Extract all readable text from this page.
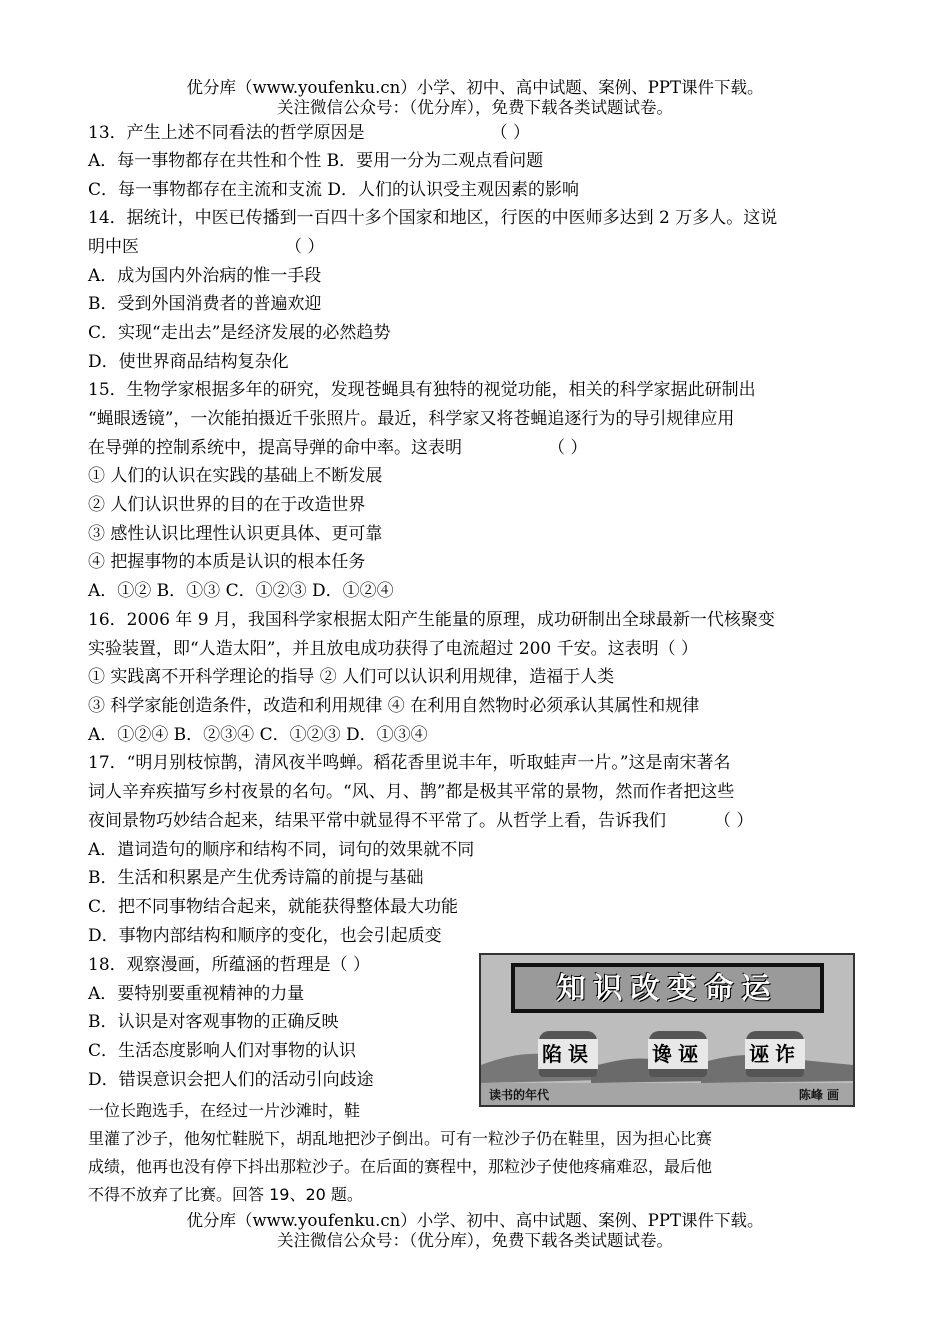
优分库（www.youfenku.cn）小学、初中、高中试题、案例、PPT课件下载。
关注微信公众号：（优分库），免费下载各类试题试卷。
13．产生上述不同看法的哲学原因是	（ ）
A．每一事物都存在共性和个性 B．要用一分为二观点看问题
C．每一事物都存在主流和支流 D．人们的认识受主观因素的影响
14．据统计，中医已传播到一百四十多个国家和地区，行医的中医师多达到 2 万多人。这说
明中医	（ ）
A．成为国内外治病的惟一手段
B．受到外国消费者的普遍欢迎
C．实现“走出去”是经济发展的必然趋势
D．使世界商品结构复杂化
15．生物学家根据多年的研究，发现苍蝇具有独特的视觉功能，相关的科学家据此研制出
“蝇眼透镜”，一次能拍摄近千张照片。最近，科学家又将苍蝇追逐行为的导引规律应用
在导弹的控制系统中，提高导弹的命中率。这表明	（ ）
① 人们的认识在实践的基础上不断发展
② 人们认识世界的目的在于改造世界
③ 感性认识比理性认识更具体、更可靠
④ 把握事物的本质是认识的根本任务
A．①② B．①③ C．①②③ D．①②④
16．2006 年 9 月，我国科学家根据太阳产生能量的原理，成功研制出全球最新一代核聚变
实验装置，即“人造太阳”，并且放电成功获得了电流超过 200 千安。这表明（ ）
① 实践离不开科学理论的指导 ② 人们可以认识利用规律，造福于人类
③ 科学家能创造条件，改造和利用规律 ④ 在利用自然物时必须承认其属性和规律
A．①②④ B．②③④ C．①②③ D．①③④
17．“明月别枝惊鹊，清风夜半鸣蝉。稻花香里说丰年，听取蛙声一片。”这是南宋著名
词人辛弃疾描写乡村夜景的名句。“风、月、鹊”都是极其平常的景物，然而作者把这些
夜间景物巧妙结合起来，结果平常中就显得不平常了。从哲学上看，告诉我们	（ ）
A．遣词造句的顺序和结构不同，词句的效果就不同
B．生活和积累是产生优秀诗篇的前提与基础
C．把不同事物结合起来，就能获得整体最大功能
D．事物内部结构和顺序的变化，也会引起质变
18．观察漫画，所蕴涵的哲理是（ ）
A．要特别要重视精神的力量
B．认识是对客观事物的正确反映
C．生活态度影响人们对事物的认识
D．错误意识会把人们的活动引向歧途
知识改变命运
陷误	谗诬 诬诈
读书的年代	陈峰 画
一位长跑选手，在经过一片沙滩时，鞋
里灌了沙子，他匆忙鞋脱下，胡乱地把沙子倒出。可有一粒沙子仍在鞋里，因为担心比赛
成绩，他再也没有停下抖出那粒沙子。在后面的赛程中，那粒沙子使他疼痛难忍，最后他
不得不放弃了比赛。回答 19、20 题。
优分库（www.youfenku.cn）小学、初中、高中试题、案例、PPT课件下载。
关注微信公众号：（优分库），免费下载各类试题试卷。
